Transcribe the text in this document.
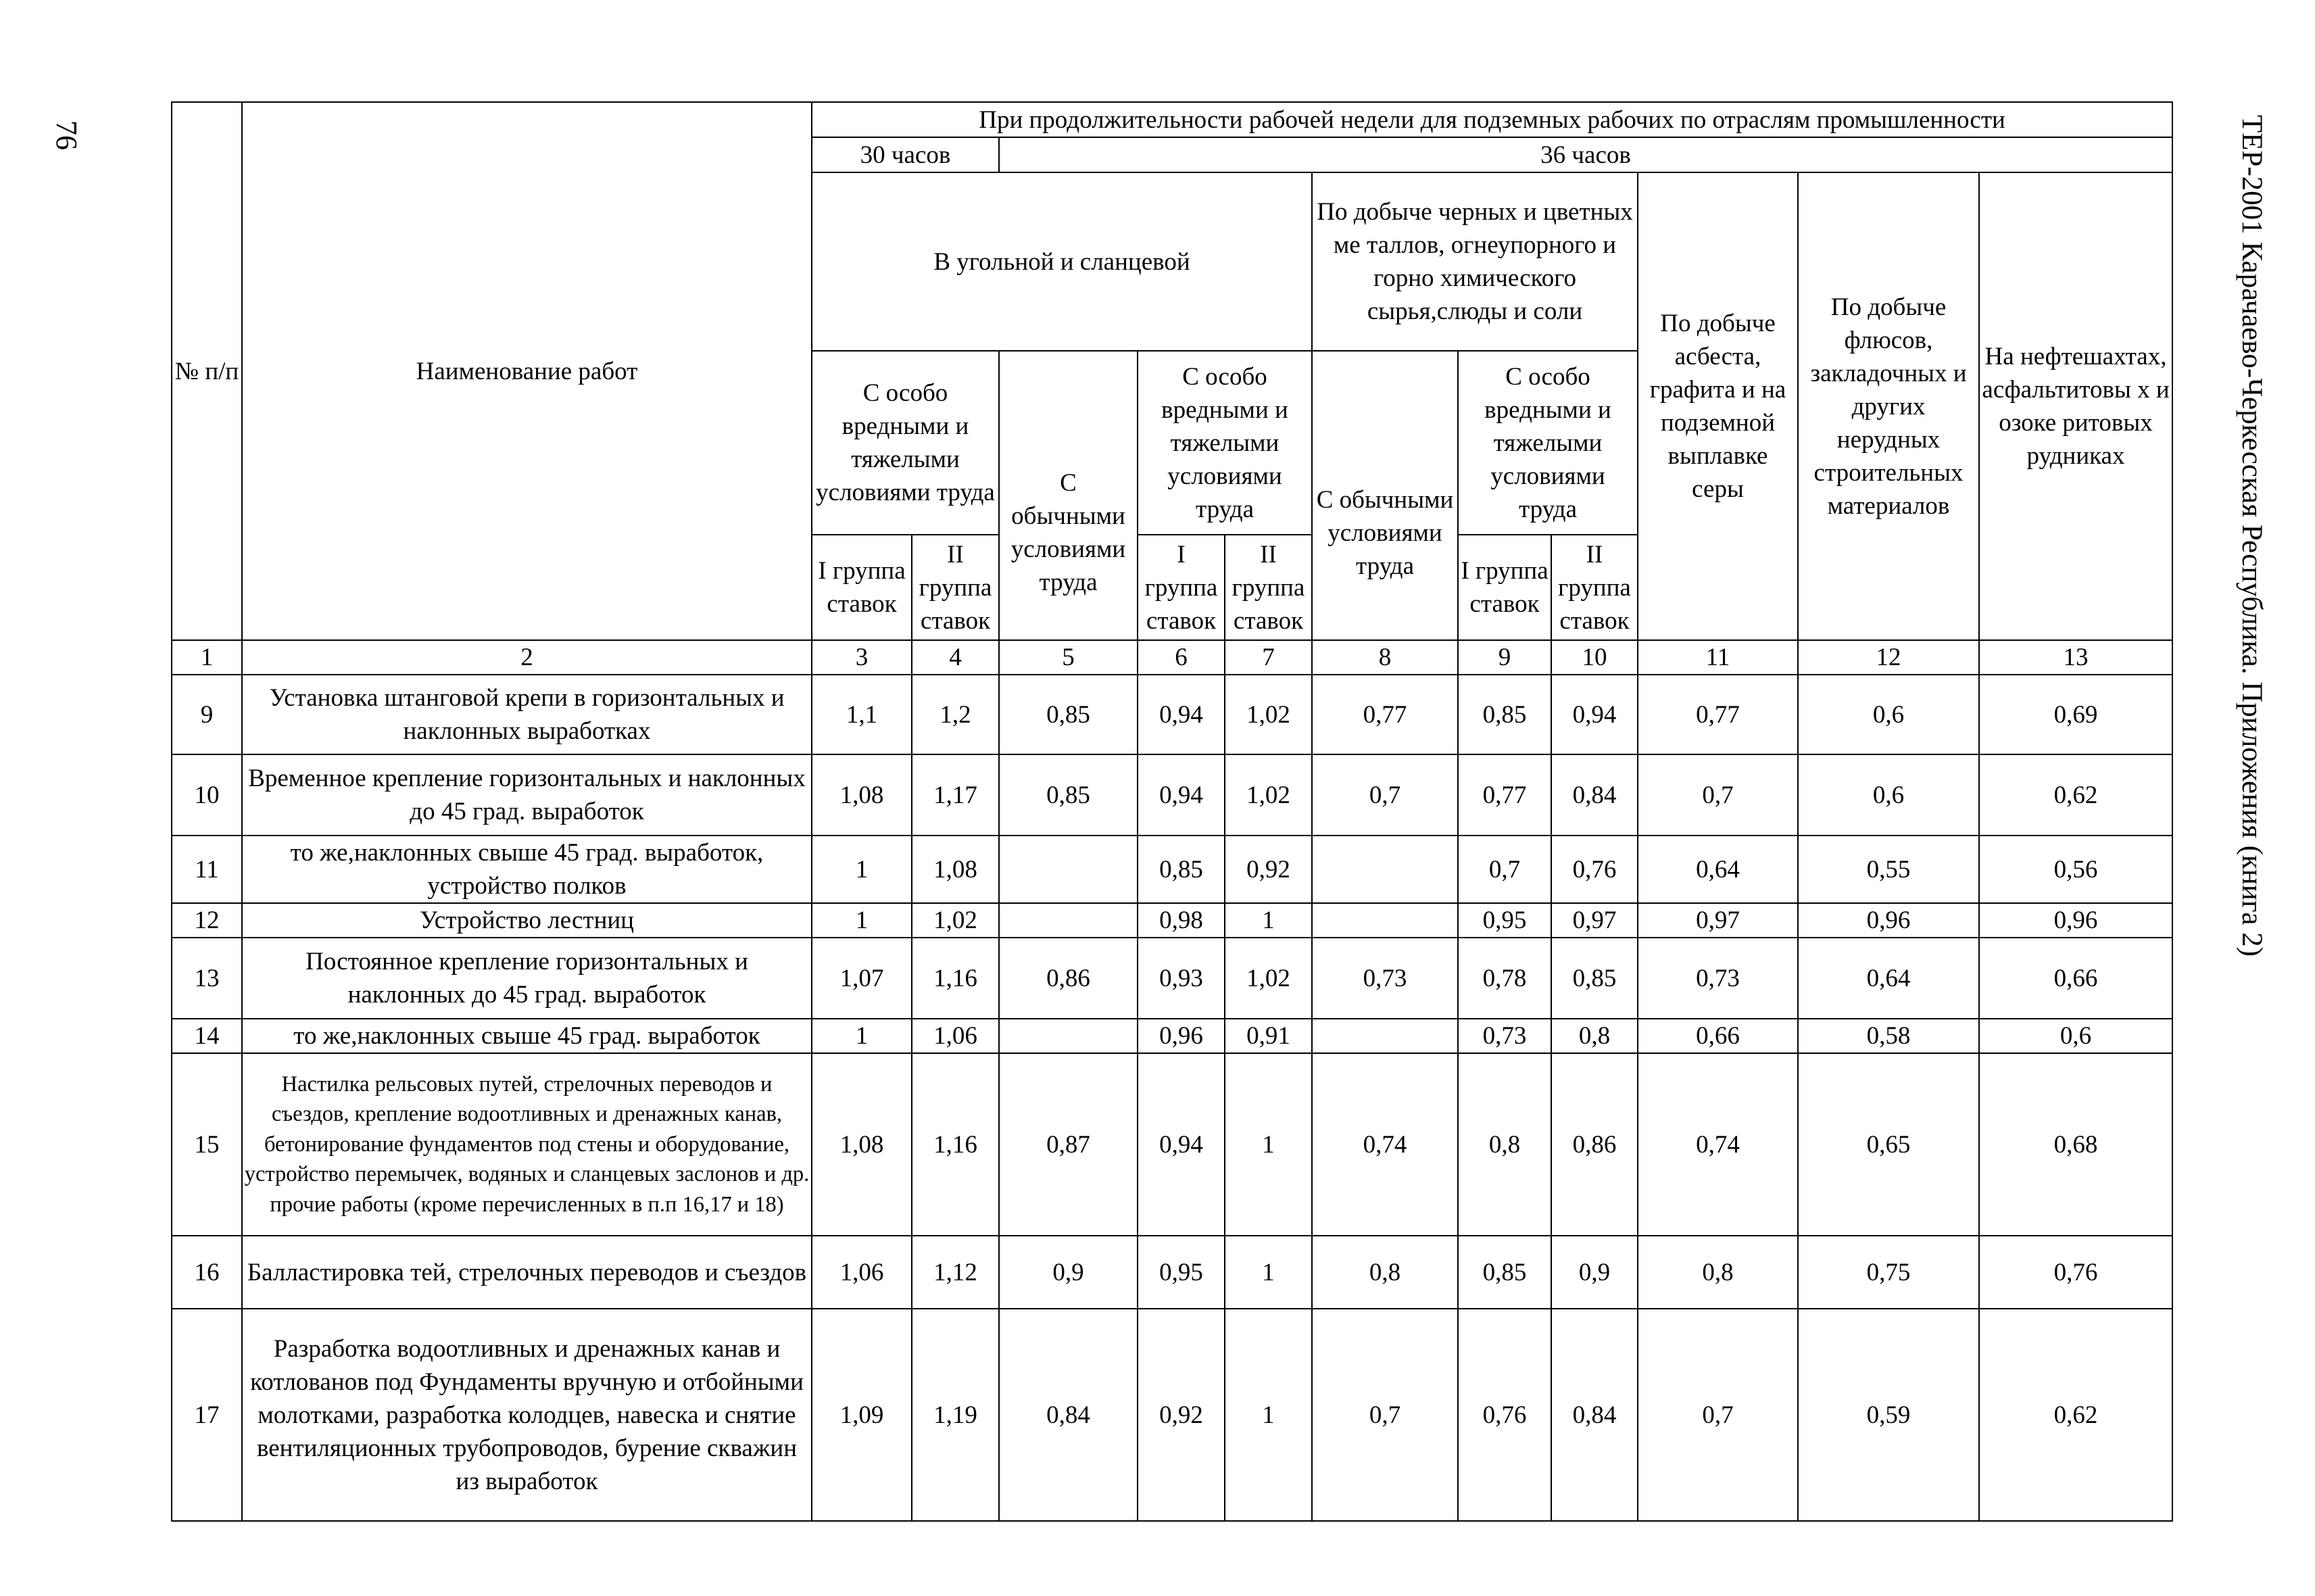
76	ТЕР-2001 Карачаево-Черкесская Республика. Приложения (книга 2)
№ п/п	Наименование работ	При продолжительности рабочей недели для подземных рабочих по отраслям промышленности										
		30 часов		36 часов								
		В угольной и сланцевой					По добыче черных и цветных ме таллов, огнеупорного и горно химического сырья,слюды и соли			По добыче асбеста, графита и на подземной выплавке серы	По добыче флюсов, закладочных и других нерудных строительных материалов	На нефтешахтах, асфальтитовы х и озоке ритовых рудниках
		С особо вредными и тяжелыми условиями труда		С обычными условиями труда	С особо вредными и тяжелыми условиями труда		С обычными условиями труда	С особо вредными и тяжелыми условиями труда				
		I группа ставок	II группа ставок		I группа ставок	II группа ставок		I группа ставок	II группа ставок			

1	2	3	4	5	6	7	8	9	10	11	12	13
9	Установка штанговой крепи в горизонтальных и наклонных выработках	1,1	1,2	0,85	0,94	1,02	0,77	0,85	0,94	0,77	0,6	0,69
10	Временное крепление горизонтальных и наклонных до 45 град. выработок	1,08	1,17	0,85	0,94	1,02	0,7	0,77	0,84	0,7	0,6	0,62
11	то же,наклонных свыше 45 град. выработок, устройство полков	1	1,08		0,85	0,92		0,7	0,76	0,64	0,55	0,56
12	Устройство лестниц	1	1,02		0,98	1		0,95	0,97	0,97	0,96	0,96
13	Постоянное крепление горизонтальных и наклонных до 45 град. выработок	1,07	1,16	0,86	0,93	1,02	0,73	0,78	0,85	0,73	0,64	0,66
14	то же,наклонных свыше 45 град. выработок	1	1,06		0,96	0,91		0,73	0,8	0,66	0,58	0,6
15	Настилка рельсовых путей, стрелочных переводов и съездов, крепление водоотливных и дренажных канав, бетонирование фундаментов под стены и оборудование, устройство перемычек, водяных и сланцевых заслонов и др. прочие работы (кроме перечисленных в п.п 16,17 и 18)	1,08	1,16	0,87	0,94	1	0,74	0,8	0,86	0,74	0,65	0,68
16	Балластировка тей, стрелочных переводов и съездов	1,06	1,12	0,9	0,95	1	0,8	0,85	0,9	0,8	0,75	0,76
17	Разработка водоотливных и дренажных канав и котлованов под Фундаменты вручную и отбойными молотками, разработка колодцев, навеска и снятие вентиляционных трубопроводов, бурение скважин из выработок	1,09	1,19	0,84	0,92	1	0,7	0,76	0,84	0,7	0,59	0,62
